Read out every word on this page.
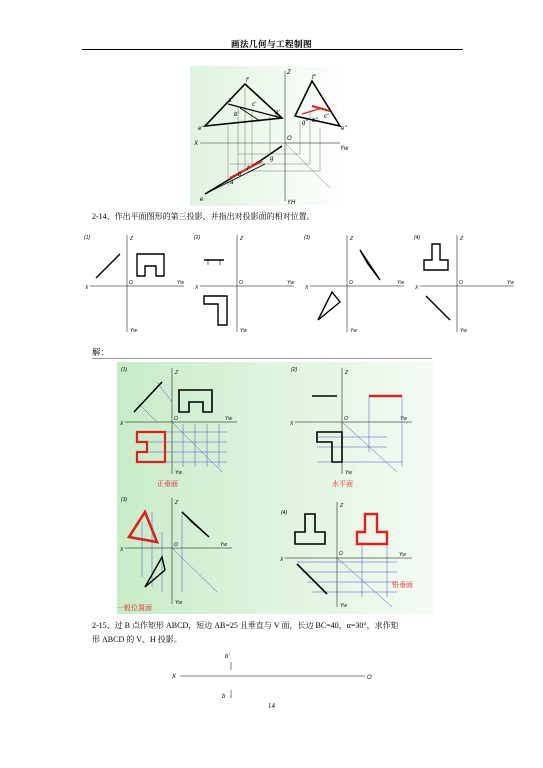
画法几何与工程制图
Z
X
O
Yw
YH
e'
f'
a'
b'
c'
g'
f"
e"
g"
c"
b"
e
a
b
f
g
2-14、作出平面图形的第三投影，并指出对投影面的相对位置。
(1)	Z
X
O	Yw
Yw
(2)	Z
X
O	Yw
Yw
(3)	Z
X
O	Yw
Yw
(4)	Z
X
O	Yw
Yw
解：
(1)	Z
X
O	Yw
Yw
正垂面
(2)	Z
X
O	Yw
Yw
水平面
(3)	Z
X
O	Yw
Yw
一般位置面
(4)
Z
X
O	Yw
Yw
铅垂面
2-15、过 B 点作矩形 ABCD，短边 AB=25 且垂直与 V 面，长边 BC=40，α=30°，求作矩
形 ABCD 的 V、H 投影。
b'
X	O
b
14
